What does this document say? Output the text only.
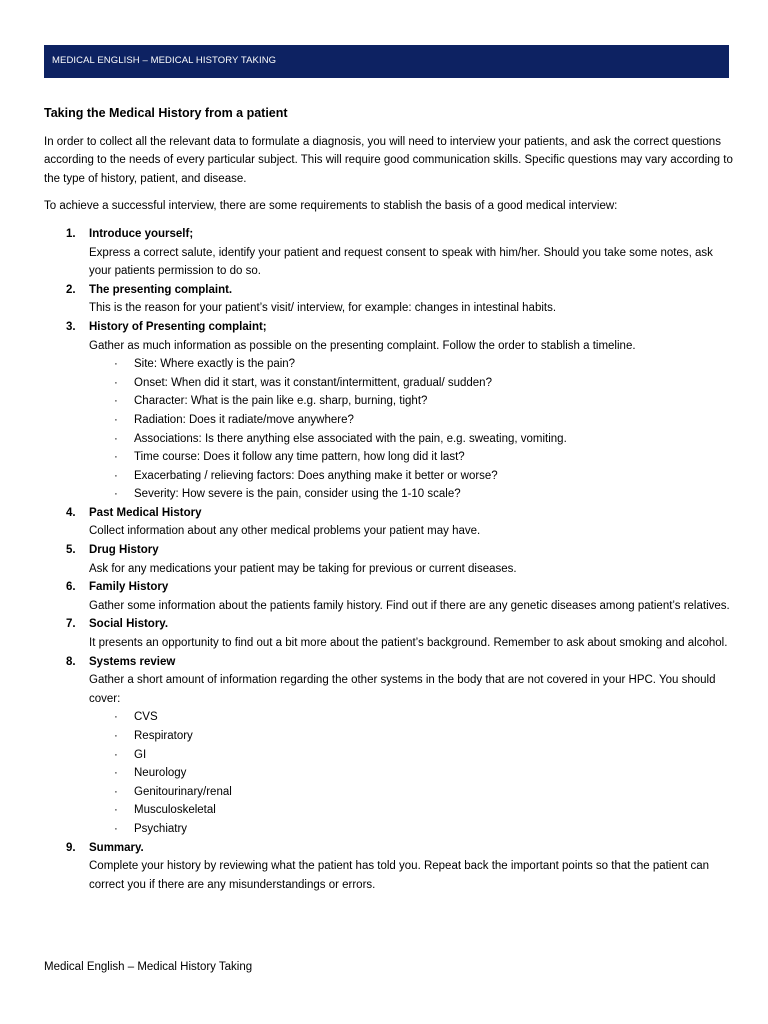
MEDICAL ENGLISH – MEDICAL HISTORY TAKING
Taking the Medical History from a patient

In order to collect all the relevant data to formulate a diagnosis, you will need to interview your patients, and ask the correct questions according to the needs of every particular subject. This will require good communication skills. Specific questions may vary according to the type of history, patient, and disease.

To achieve a successful interview, there are some requirements to stablish the basis of a good medical interview:

1. Introduce yourself;
Express a correct salute, identify your patient and request consent to speak with him/her. Should you take some notes, ask your patients permission to do so.
2. The presenting complaint.
This is the reason for your patient’s visit/ interview, for example: changes in intestinal habits.
3. History of Presenting complaint;
Gather as much information as possible on the presenting complaint. Follow the order to stablish a timeline.
· Site: Where exactly is the pain?
· Onset: When did it start, was it constant/intermittent, gradual/ sudden?
· Character: What is the pain like e.g. sharp, burning, tight?
· Radiation: Does it radiate/move anywhere?
· Associations: Is there anything else associated with the pain, e.g. sweating, vomiting.
· Time course: Does it follow any time pattern, how long did it last?
· Exacerbating / relieving factors: Does anything make it better or worse?
· Severity: How severe is the pain, consider using the 1-10 scale?
4. Past Medical History
Collect information about any other medical problems your patient may have.
5. Drug History
Ask for any medications your patient may be taking for previous or current diseases.
6. Family History
Gather some information about the patients family history. Find out if there are any genetic diseases among patient’s relatives.
7. Social History.
It presents an opportunity to find out a bit more about the patient’s background. Remember to ask about smoking and alcohol.
8. Systems review
Gather a short amount of information regarding the other systems in the body that are not covered in your HPC. You should cover:
· CVS
· Respiratory
· GI
· Neurology
· Genitourinary/renal
· Musculoskeletal
· Psychiatry
9. Summary.
Complete your history by reviewing what the patient has told you. Repeat back the important points so that the patient can correct you if there are any misunderstandings or errors.
Medical English – Medical History Taking
